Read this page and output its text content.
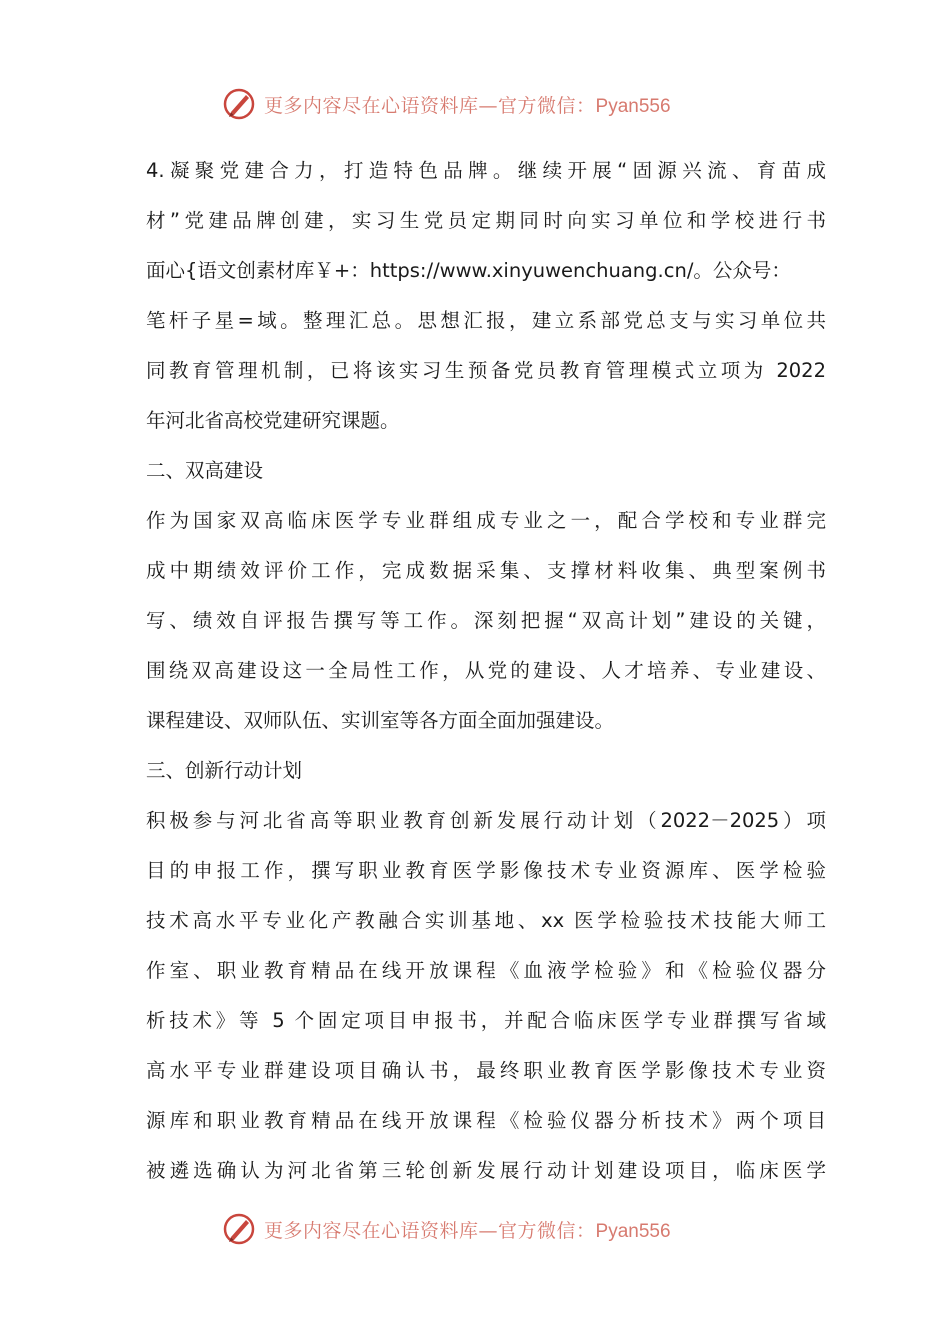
更多内容尽在心语资料库—官方微信：Pyan556
4.凝聚党建合力，打造特色品牌。继续开展“固源兴流、育苗成
材”党建品牌创建，实习生党员定期同时向实习单位和学校进行书
面心{语文创素材库￥+：https://www.xinyuwenchuang.cn/。公众号：
笔杆子星=域。整理汇总。思想汇报，建立系部党总支与实习单位共
同教育管理机制，已将该实习生预备党员教育管理模式立项为 2022
年河北省高校党建研究课题。
二、双高建设
作为国家双高临床医学专业群组成专业之一，配合学校和专业群完
成中期绩效评价工作，完成数据采集、支撑材料收集、典型案例书
写、绩效自评报告撰写等工作。深刻把握“双高计划”建设的关键，
围绕双高建设这一全局性工作，从党的建设、人才培养、专业建设、
课程建设、双师队伍、实训室等各方面全面加强建设。
三、创新行动计划
积极参与河北省高等职业教育创新发展行动计划（2022－2025）项
目的申报工作，撰写职业教育医学影像技术专业资源库、医学检验
技术高水平专业化产教融合实训基地、xx 医学检验技术技能大师工
作室、职业教育精品在线开放课程《血液学检验》和《检验仪器分
析技术》等 5 个固定项目申报书，并配合临床医学专业群撰写省域
高水平专业群建设项目确认书，最终职业教育医学影像技术专业资
源库和职业教育精品在线开放课程《检验仪器分析技术》两个项目
被遴选确认为河北省第三轮创新发展行动计划建设项目，临床医学
更多内容尽在心语资料库—官方微信：Pyan556
